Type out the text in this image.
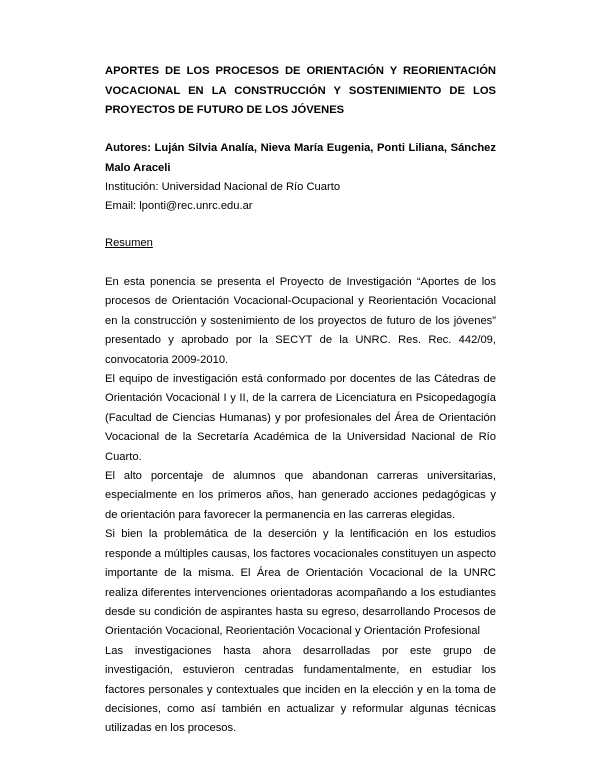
APORTES DE LOS PROCESOS DE ORIENTACIÓN Y REORIENTACIÓN VOCACIONAL EN LA CONSTRUCCIÓN Y SOSTENIMIENTO DE LOS PROYECTOS DE FUTURO DE LOS JÓVENES

Autores: Luján Silvia Analía, Nieva María Eugenia, Ponti Liliana, Sánchez Malo Araceli

Institución: Universidad Nacional de Río Cuarto

Email: lponti@rec.unrc.edu.ar

Resumen

En esta ponencia se presenta el Proyecto de Investigación “Aportes de los procesos de Orientación Vocacional-Ocupacional y Reorientación Vocacional en la construcción y sostenimiento de los proyectos de futuro de los jóvenes” presentado y aprobado por la SECYT de la UNRC. Res. Rec. 442/09, convocatoria 2009-2010.

El equipo de investigación está conformado por docentes de las Cátedras de Orientación Vocacional I y II, de la carrera de Licenciatura en Psicopedagogía (Facultad de Ciencias Humanas) y por profesionales del Área de Orientación Vocacional de la Secretaría Académica de la Universidad Nacional de Río Cuarto.

El alto porcentaje de alumnos que abandonan carreras universitarias, especialmente en los primeros años, han generado acciones pedagógicas y de orientación para favorecer la permanencia en las carreras elegidas.

Si bien la problemática de la deserción y la lentificación en los estudios responde a múltiples causas, los factores vocacionales constituyen un aspecto importante de la misma. El Área de Orientación Vocacional de la UNRC realiza diferentes intervenciones orientadoras acompañando a los estudiantes desde su condición de aspirantes hasta su egreso, desarrollando Procesos de Orientación Vocacional, Reorientación Vocacional y Orientación Profesional

Las investigaciones hasta ahora desarrolladas por este grupo de investigación, estuvieron centradas fundamentalmente, en estudiar los factores personales y contextuales que inciden en la elección y en la toma de decisiones, como así también en actualizar y reformular algunas técnicas utilizadas en los procesos.
